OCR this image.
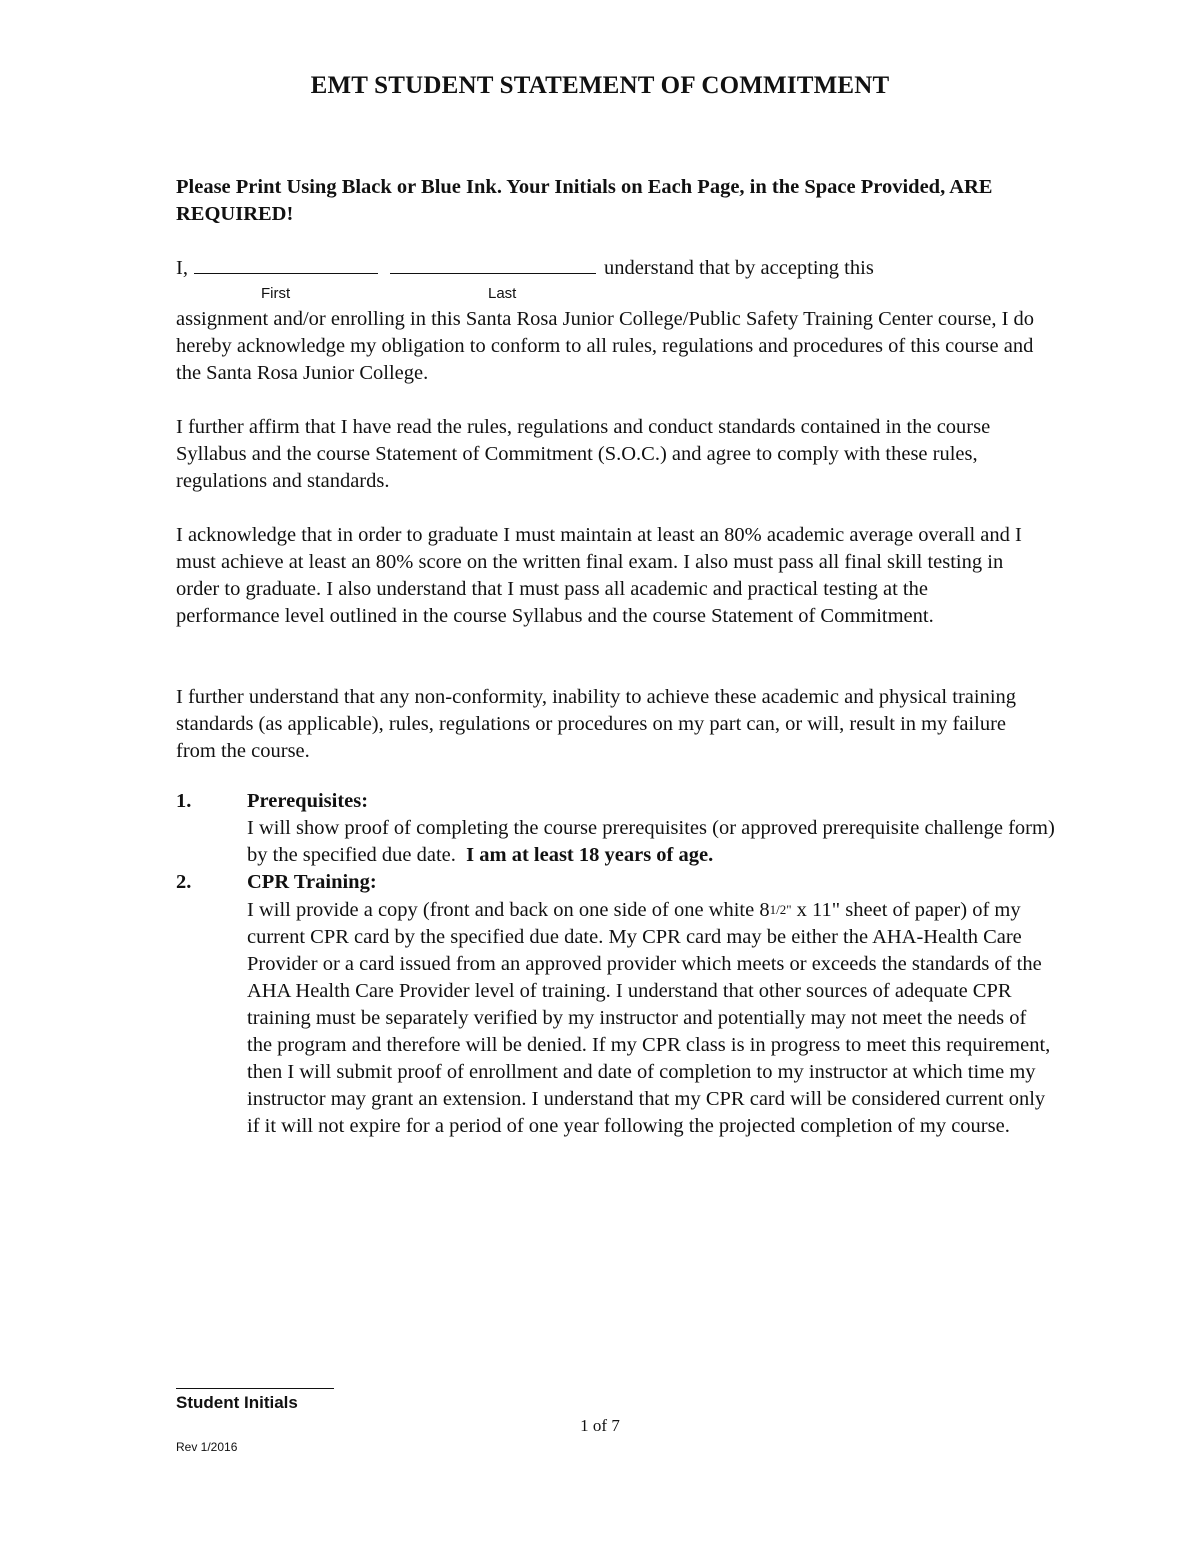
EMT STUDENT STATEMENT OF COMMITMENT
Please Print Using Black or Blue Ink. Your Initials on Each Page, in the Space Provided, ARE REQUIRED!
I,	understand that by accepting this
First	Last
assignment and/or enrolling in this Santa Rosa Junior College/Public Safety Training Center course, I do hereby acknowledge my obligation to conform to all rules, regulations and procedures of this course and the Santa Rosa Junior College.
I further affirm that I have read the rules, regulations and conduct standards contained in the course Syllabus and the course Statement of Commitment (S.O.C.) and agree to comply with these rules, regulations and standards.
I acknowledge that in order to graduate I must maintain at least an 80% academic average overall and I must achieve at least an 80% score on the written final exam. I also must pass all final skill testing in order to graduate. I also understand that I must pass all academic and practical testing at the performance level outlined in the course Syllabus and the course Statement of Commitment.
I further understand that any non-conformity, inability to achieve these academic and physical training standards (as applicable), rules, regulations or procedures on my part can, or will, result in my failure from the course.
1.	Prerequisites:
I will show proof of completing the course prerequisites (or approved prerequisite challenge form) by the specified due date. I am at least 18 years of age.
2.	CPR Training:
I will provide a copy (front and back on one side of one white 81/2" x 11" sheet of paper) of my current CPR card by the specified due date. My CPR card may be either the AHA-Health Care Provider or a card issued from an approved provider which meets or exceeds the standards of the AHA Health Care Provider level of training. I understand that other sources of adequate CPR training must be separately verified by my instructor and potentially may not meet the needs of the program and therefore will be denied. If my CPR class is in progress to meet this requirement, then I will submit proof of enrollment and date of completion to my instructor at which time my instructor may grant an extension. I understand that my CPR card will be considered current only if it will not expire for a period of one year following the projected completion of my course.
Student Initials
1 of 7
Rev 1/2016
